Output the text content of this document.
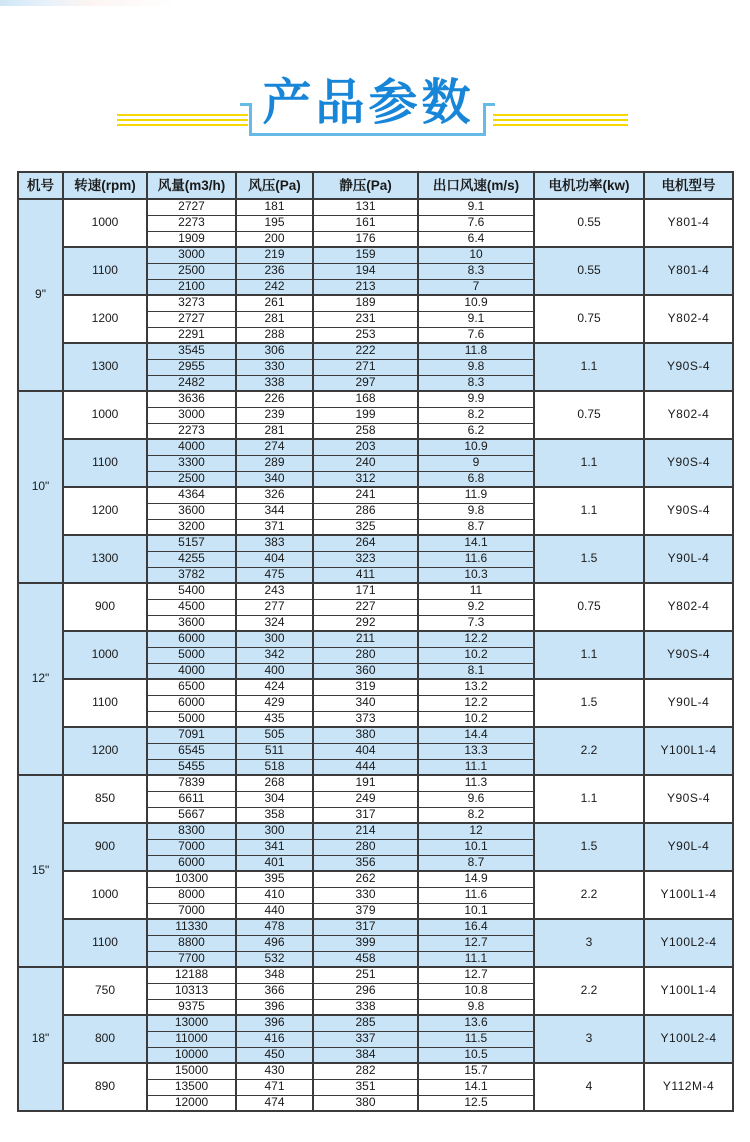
产品参数
机号	转速(rpm)	风量(m3/h)	风压(Pa)	静压(Pa)	出口风速(m/s)	电机功率(kw)	电机型号
9"	1000	2727	181	131	9.1	0.55	Y801-4
		2273	195	161	7.6		
		1909	200	176	6.4		
	1100	3000	219	159	10	0.55	Y801-4
		2500	236	194	8.3		
		2100	242	213	7		
	1200	3273	261	189	10.9	0.75	Y802-4
		2727	281	231	9.1		
		2291	288	253	7.6		
	1300	3545	306	222	11.8	1.1	Y90S-4
		2955	330	271	9.8		
		2482	338	297	8.3		
10"	1000	3636	226	168	9.9	0.75	Y802-4
		3000	239	199	8.2		
		2273	281	258	6.2		
	1100	4000	274	203	10.9	1.1	Y90S-4
		3300	289	240	9		
		2500	340	312	6.8		
	1200	4364	326	241	11.9	1.1	Y90S-4
		3600	344	286	9.8		
		3200	371	325	8.7		
	1300	5157	383	264	14.1	1.5	Y90L-4
		4255	404	323	11.6		
		3782	475	411	10.3		
12"	900	5400	243	171	11	0.75	Y802-4
		4500	277	227	9.2		
		3600	324	292	7.3		
	1000	6000	300	211	12.2	1.1	Y90S-4
		5000	342	280	10.2		
		4000	400	360	8.1		
	1100	6500	424	319	13.2	1.5	Y90L-4
		6000	429	340	12.2		
		5000	435	373	10.2		
	1200	7091	505	380	14.4	2.2	Y100L1-4
		6545	511	404	13.3		
		5455	518	444	11.1		
15"	850	7839	268	191	11.3	1.1	Y90S-4
		6611	304	249	9.6		
		5667	358	317	8.2		
	900	8300	300	214	12	1.5	Y90L-4
		7000	341	280	10.1		
		6000	401	356	8.7		
	1000	10300	395	262	14.9	2.2	Y100L1-4
		8000	410	330	11.6		
		7000	440	379	10.1		
	1100	11330	478	317	16.4	3	Y100L2-4
		8800	496	399	12.7		
		7700	532	458	11.1		
18"	750	12188	348	251	12.7	2.2	Y100L1-4
		10313	366	296	10.8		
		9375	396	338	9.8		
	800	13000	396	285	13.6	3	Y100L2-4
		11000	416	337	11.5		
		10000	450	384	10.5		
	890	15000	430	282	15.7	4	Y112M-4
		13500	471	351	14.1		
		12000	474	380	12.5		
